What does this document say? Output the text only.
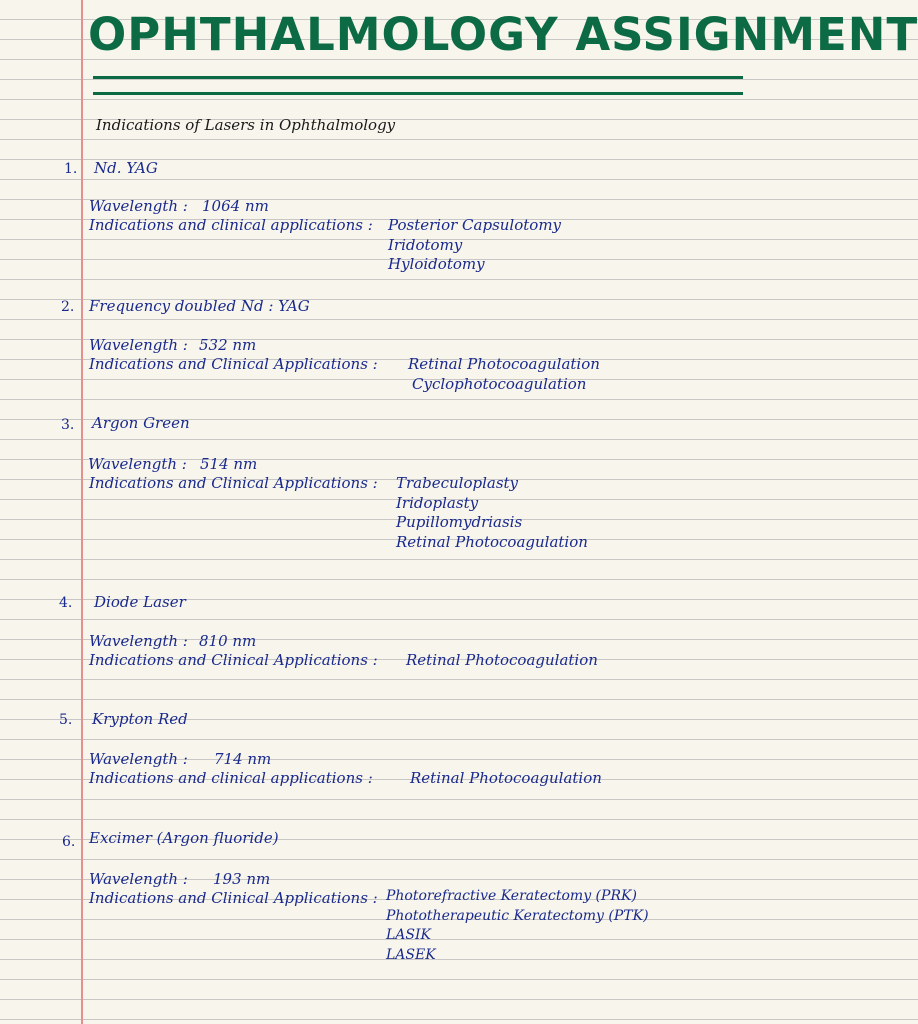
OPHTHALMOLOGY ASSIGNMENT
Indications of Lasers in Ophthalmology
1. Nd. YAG
Wavelength : 1064 nm
Indications and clinical applications : Posterior Capsulotomy
Iridotomy
Hyloidotomy
2. Frequency doubled Nd : YAG
Wavelength : 532 nm
Indications and Clinical Applications : Retinal Photocoagulation
Cyclophotocoagulation
3. Argon Green
Wavelength : 514 nm
Indications and Clinical Applications : Trabeculoplasty
Iridoplasty
Pupillomydriasis
Retinal Photocoagulation
4. Diode Laser
Wavelength : 810 nm
Indications and Clinical Applications : Retinal Photocoagulation
5. Krypton Red
Wavelength : 714 nm
Indications and clinical applications : Retinal Photocoagulation
6. Excimer (Argon fluoride)
Wavelength : 193 nm
Indications and Clinical Applications : Photorefractive Keratectomy (PRK)
Phototherapeutic Keratectomy (PTK)
LASIK
LASEK
